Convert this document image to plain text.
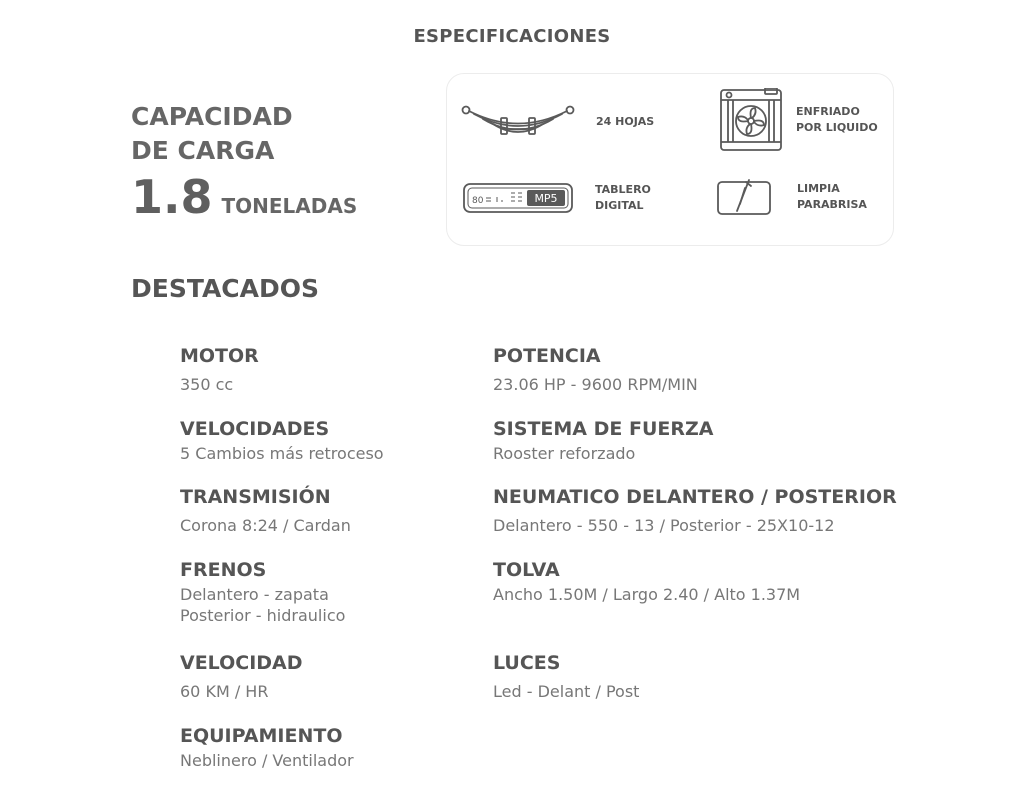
ESPECIFICACIONES
CAPACIDAD
DE CARGA
1.8 TONELADAS
24 HOJAS
ENFRIADO
POR LIQUIDO
80	MP5
TABLERO
DIGITAL
LIMPIA
PARABRISA
DESTACADOS
MOTOR
350 cc
POTENCIA
23.06 HP - 9600 RPM/MIN
VELOCIDADES
5 Cambios más retroceso
SISTEMA DE FUERZA
Rooster reforzado
TRANSMISIÓN
Corona 8:24 / Cardan
NEUMATICO DELANTERO / POSTERIOR
Delantero - 550 - 13 / Posterior - 25X10-12
FRENOS
Delantero - zapata
Posterior - hidraulico
TOLVA
Ancho 1.50M / Largo 2.40 / Alto 1.37M
VELOCIDAD
60 KM / HR
LUCES
Led - Delant / Post
EQUIPAMIENTO
Neblinero / Ventilador
